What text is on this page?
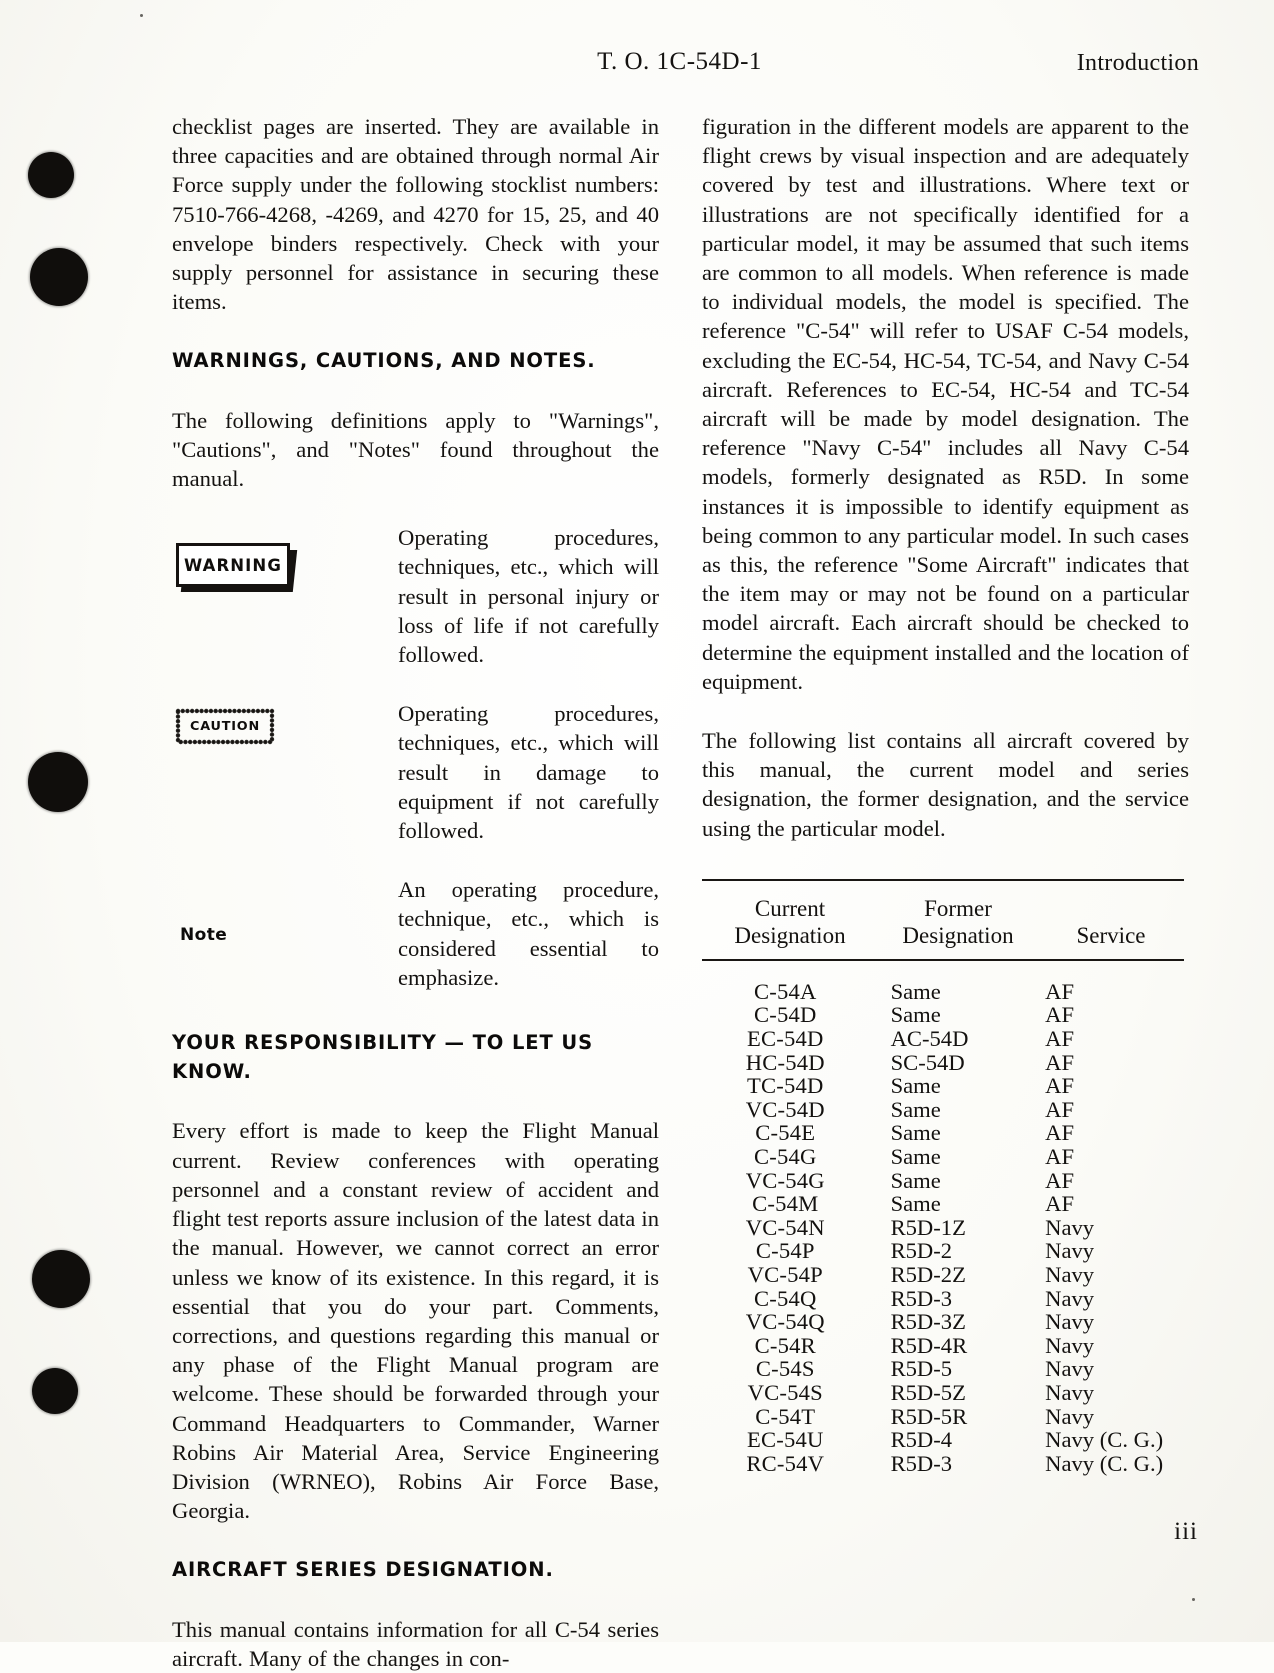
T. O. 1C-54D-1	Introduction

checklist pages are inserted. They are available in three capacities and are obtained through normal Air Force supply under the following stocklist numbers: 7510-766-4268, -4269, and 4270 for 15, 25, and 40 envelope binders respectively. Check with your supply personnel for assistance in securing these items.

WARNINGS, CAUTIONS, AND NOTES.

The following definitions apply to "Warnings", "Cautions", and "Notes" found throughout the manual.

WARNING
Operating procedures, techniques, etc., which will result in personal injury or loss of life if not carefully followed.
CAUTION
Operating procedures, techniques, etc., which will result in damage to equipment if not carefully followed.
Note
An operating procedure, technique, etc., which is considered essential to emphasize.
YOUR RESPONSIBILITY — TO LET US KNOW.

Every effort is made to keep the Flight Manual current. Review conferences with operating personnel and a constant review of accident and flight test reports assure inclusion of the latest data in the manual. However, we cannot correct an error unless we know of its existence. In this regard, it is essential that you do your part. Comments, corrections, and questions regarding this manual or any phase of the Flight Manual program are welcome. These should be forwarded through your Command Headquarters to Commander, Warner Robins Air Material Area, Service Engineering Division (WRNEO), Robins Air Force Base, Georgia.

AIRCRAFT SERIES DESIGNATION.

This manual contains information for all C-54 series aircraft. Many of the changes in con-

figuration in the different models are apparent to the flight crews by visual inspection and are adequately covered by test and illustrations. Where text or illustrations are not specifically identified for a particular model, it may be assumed that such items are common to all models. When reference is made to individual models, the model is specified. The reference "C-54" will refer to USAF C-54 models, excluding the EC-54, HC-54, TC-54, and Navy C-54 aircraft. References to EC-54, HC-54 and TC-54 aircraft will be made by model designation. The reference "Navy C-54" includes all Navy C-54 models, formerly designated as R5D. In some instances it is impossible to identify equipment as being common to any particular model. In such cases as this, the reference "Some Aircraft" indicates that the item may or may not be found on a particular model aircraft. Each aircraft should be checked to determine the equipment installed and the location of equipment.

The following list contains all aircraft covered by this manual, the current model and series designation, the former designation, and the service using the particular model.

Current
Designation
Former
Designation	Service
C-54A	Same	AF
C-54D	Same	AF
EC-54D	AC-54D	AF
HC-54D	SC-54D	AF
TC-54D	Same	AF
VC-54D	Same	AF
C-54E	Same	AF
C-54G	Same	AF
VC-54G	Same	AF
C-54M	Same	AF
VC-54N	R5D-1Z	Navy
C-54P	R5D-2	Navy
VC-54P	R5D-2Z	Navy
C-54Q	R5D-3	Navy
VC-54Q	R5D-3Z	Navy
C-54R	R5D-4R	Navy
C-54S	R5D-5	Navy
VC-54S	R5D-5Z	Navy
C-54T	R5D-5R	Navy
EC-54U	R5D-4	Navy (C. G.)
RC-54V	R5D-3	Navy (C. G.)
iii
